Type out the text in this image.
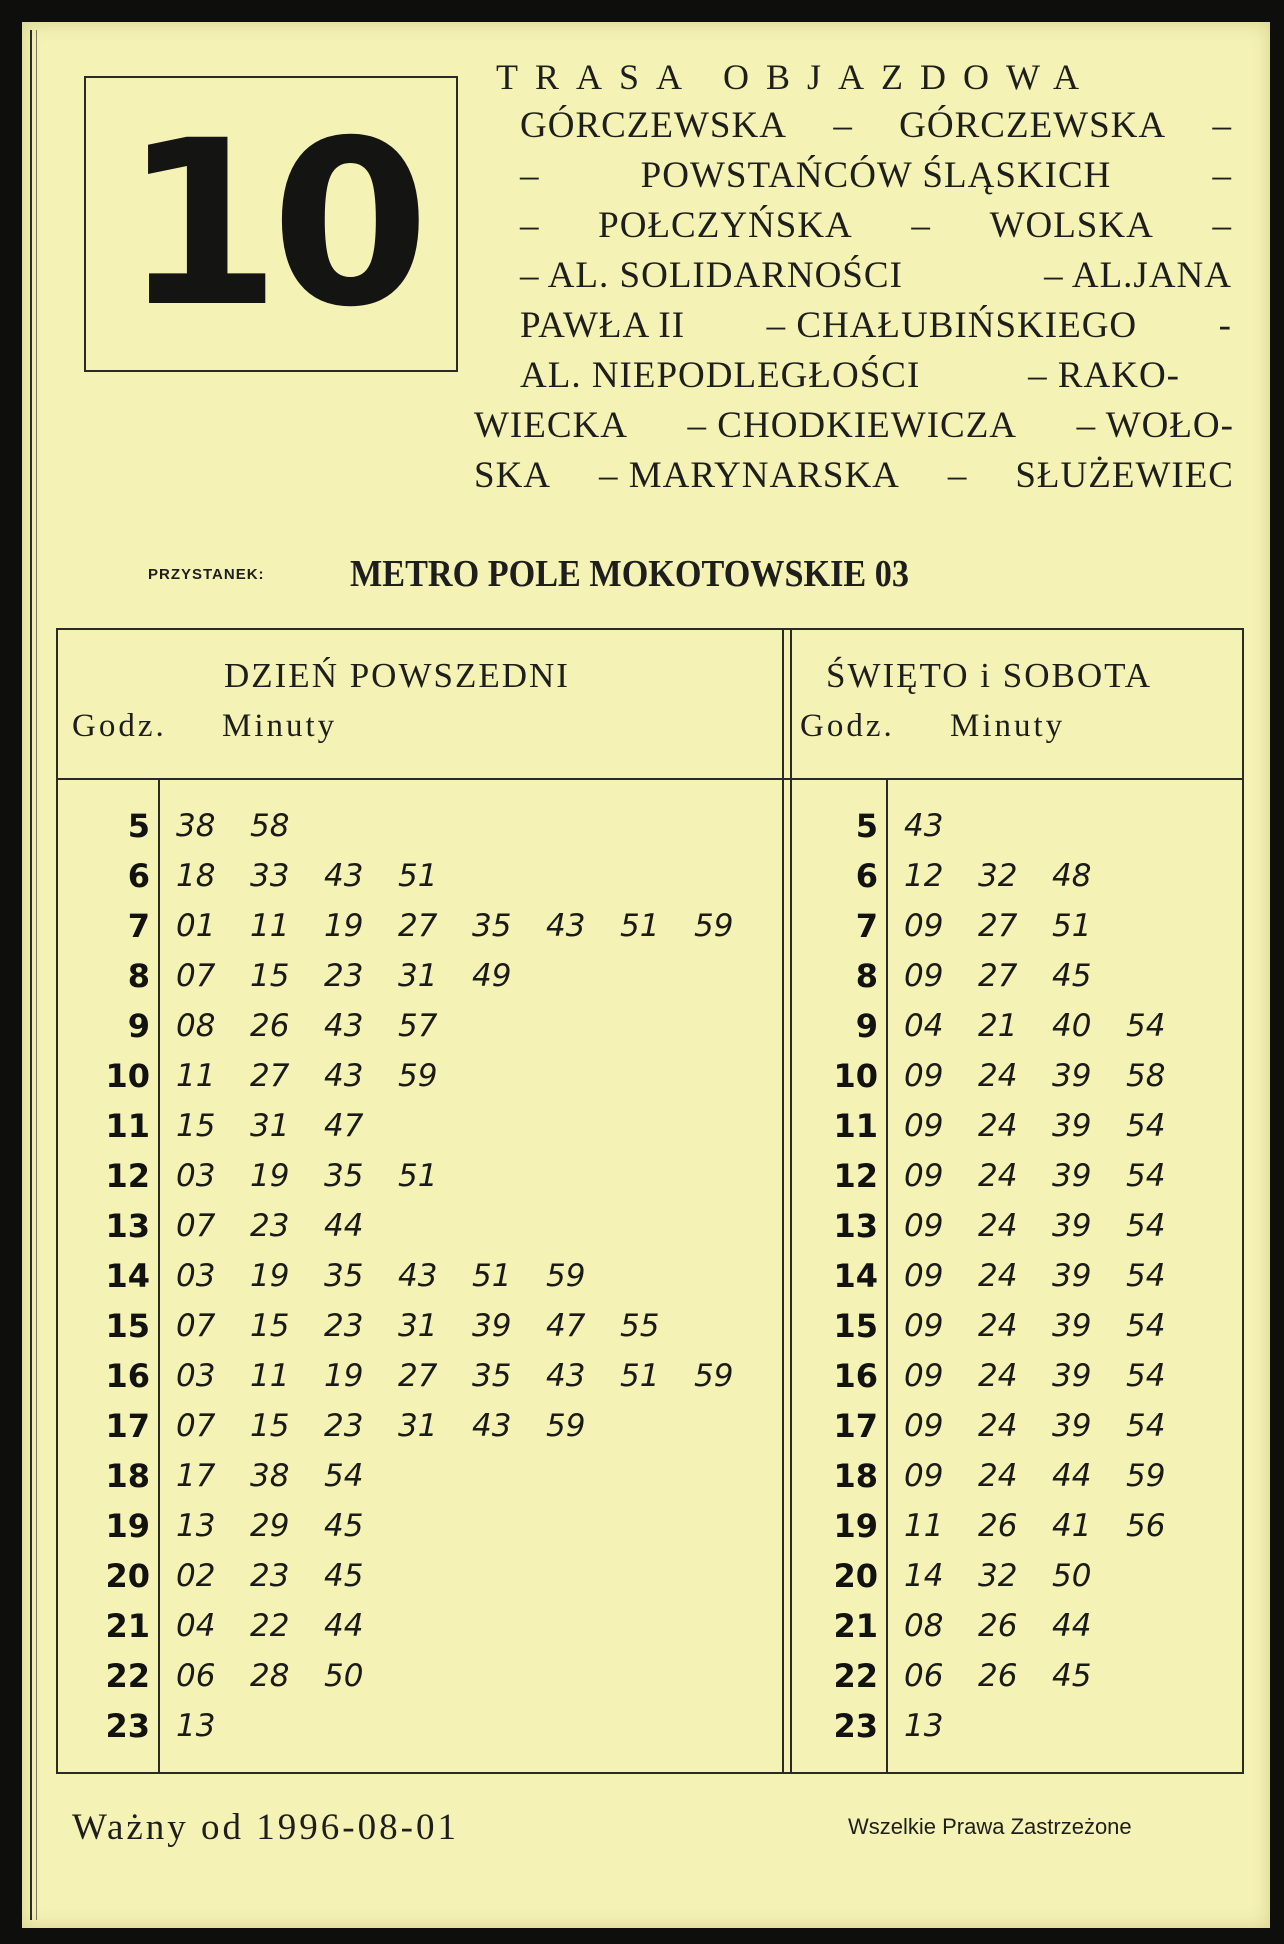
10
TRASA OBJAZDOWA
GÓRCZEWSKA – GÓRCZEWSKA –
–	POWSTAŃCÓW ŚLĄSKICH	–
– POŁCZYŃSKA – WOLSKA –
– AL. SOLIDARNOŚCI	– AL.JANA
PAWŁA II – CHAŁUBIŃSKIEGO -
AL. NIEPODLEGŁOŚCI	– RAKO-
WIECKA – CHODKIEWICZA – WOŁO-
SKA – MARYNARSKA – SŁUŻEWIEC
PRZYSTANEK: METRO POLE MOKOTOWSKIE 03
DZIEŃ POWSZEDNI
Godz. Minuty
ŚWIĘTO i SOBOTA
Godz. Minuty
5 38	58
6 18	33	43	51
7 01	11	19	27	35	43	51	59
8 07	15	23	31	49
9 08	26	43	57
10 11	27	43	59
11 15	31	47
12 03	19	35	51
13 07	23	44
14 03	19	35	43	51	59
15 07	15	23	31	39	47	55
16 03	11	19	27	35	43	51	59
17 07	15	23	31	43	59
18 17	38	54
19 13	29	45
20 02	23	45
21 04	22	44
22 06	28	50
23 13
5 43
6 12	32	48
7 09	27	51
8 09	27	45
9 04	21	40	54
10 09	24	39	58
11 09	24	39	54
12 09	24	39	54
13 09	24	39	54
14 09	24	39	54
15 09	24	39	54
16 09	24	39	54
17 09	24	39	54
18 09	24	44	59
19 11	26	41	56
20 14	32	50
21 08	26	44
22 06	26	45
23 13
Ważny od 1996-08-01	Wszelkie Prawa Zastrzeżone
